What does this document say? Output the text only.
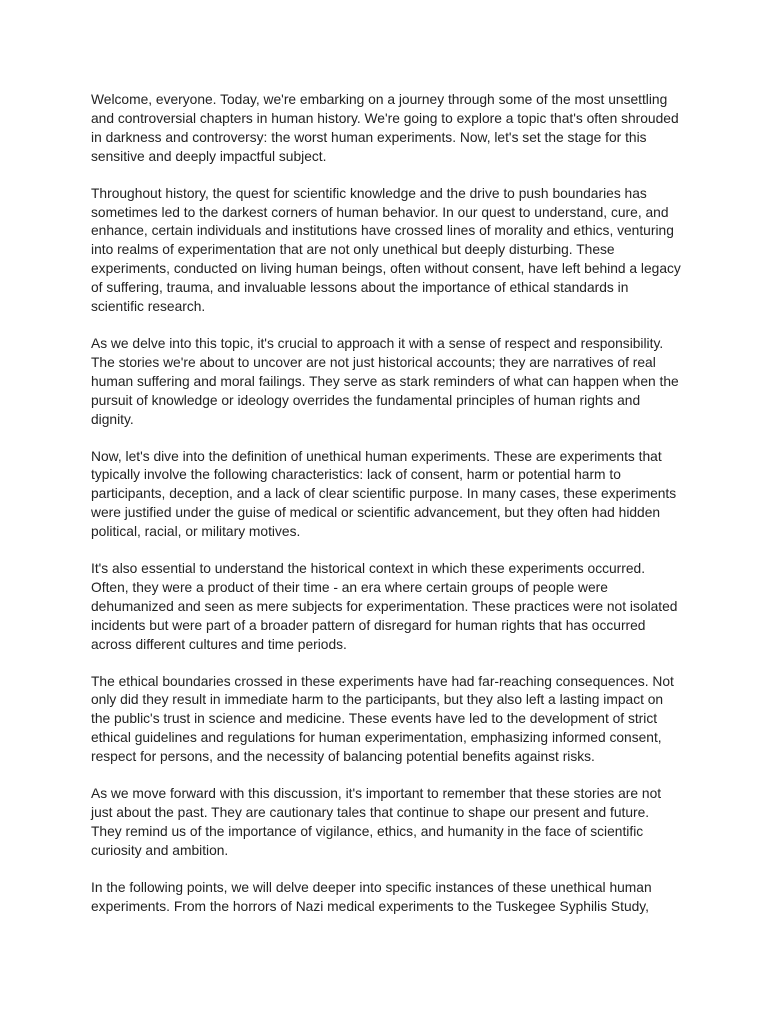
Welcome, everyone. Today, we're embarking on a journey through some of the most unsettling and controversial chapters in human history. We're going to explore a topic that's often shrouded in darkness and controversy: the worst human experiments. Now, let's set the stage for this sensitive and deeply impactful subject.

Throughout history, the quest for scientific knowledge and the drive to push boundaries has sometimes led to the darkest corners of human behavior. In our quest to understand, cure, and enhance, certain individuals and institutions have crossed lines of morality and ethics, venturing into realms of experimentation that are not only unethical but deeply disturbing. These experiments, conducted on living human beings, often without consent, have left behind a legacy of suffering, trauma, and invaluable lessons about the importance of ethical standards in scientific research.

As we delve into this topic, it's crucial to approach it with a sense of respect and responsibility. The stories we're about to uncover are not just historical accounts; they are narratives of real human suffering and moral failings. They serve as stark reminders of what can happen when the pursuit of knowledge or ideology overrides the fundamental principles of human rights and dignity.

Now, let's dive into the definition of unethical human experiments. These are experiments that typically involve the following characteristics: lack of consent, harm or potential harm to participants, deception, and a lack of clear scientific purpose. In many cases, these experiments were justified under the guise of medical or scientific advancement, but they often had hidden political, racial, or military motives.

It's also essential to understand the historical context in which these experiments occurred. Often, they were a product of their time - an era where certain groups of people were dehumanized and seen as mere subjects for experimentation. These practices were not isolated incidents but were part of a broader pattern of disregard for human rights that has occurred across different cultures and time periods.

The ethical boundaries crossed in these experiments have had far-reaching consequences. Not only did they result in immediate harm to the participants, but they also left a lasting impact on the public's trust in science and medicine. These events have led to the development of strict ethical guidelines and regulations for human experimentation, emphasizing informed consent, respect for persons, and the necessity of balancing potential benefits against risks.

As we move forward with this discussion, it's important to remember that these stories are not just about the past. They are cautionary tales that continue to shape our present and future. They remind us of the importance of vigilance, ethics, and humanity in the face of scientific curiosity and ambition.

In the following points, we will delve deeper into specific instances of these unethical human experiments. From the horrors of Nazi medical experiments to the Tuskegee Syphilis Study,
